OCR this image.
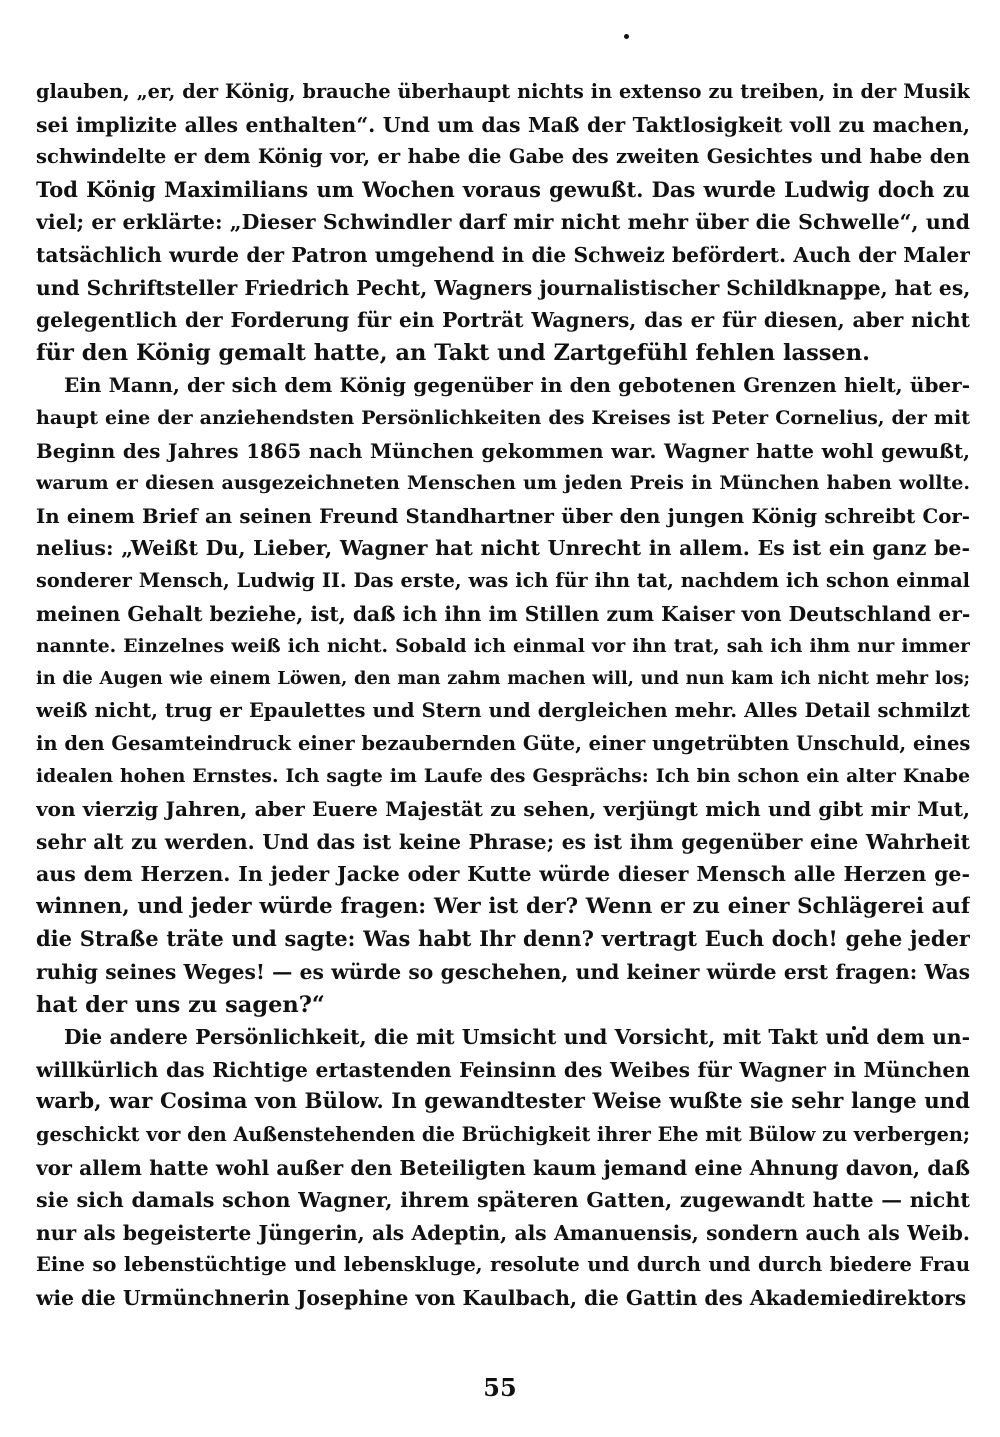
glauben, „er, der König, brauche überhaupt nichts in extenso zu treiben, in der Musik
sei implizite alles enthalten“. Und um das Maß der Taktlosigkeit voll zu machen,
schwindelte er dem König vor, er habe die Gabe des zweiten Gesichtes und habe den
Tod König Maximilians um Wochen voraus gewußt. Das wurde Ludwig doch zu
viel; er erklärte: „Dieser Schwindler darf mir nicht mehr über die Schwelle“, und
tatsächlich wurde der Patron umgehend in die Schweiz befördert. Auch der Maler
und Schriftsteller Friedrich Pecht, Wagners journalistischer Schildknappe, hat es,
gelegentlich der Forderung für ein Porträt Wagners, das er für diesen, aber nicht
für den König gemalt hatte, an Takt und Zartgefühl fehlen lassen.
Ein Mann, der sich dem König gegenüber in den gebotenen Grenzen hielt, über-
haupt eine der anziehendsten Persönlichkeiten des Kreises ist Peter Cornelius, der mit
Beginn des Jahres 1865 nach München gekommen war. Wagner hatte wohl gewußt,
warum er diesen ausgezeichneten Menschen um jeden Preis in München haben wollte.
In einem Brief an seinen Freund Standhartner über den jungen König schreibt Cor-
nelius: „Weißt Du, Lieber, Wagner hat nicht Unrecht in allem. Es ist ein ganz be-
sonderer Mensch, Ludwig II. Das erste, was ich für ihn tat, nachdem ich schon einmal
meinen Gehalt beziehe, ist, daß ich ihn im Stillen zum Kaiser von Deutschland er-
nannte. Einzelnes weiß ich nicht. Sobald ich einmal vor ihn trat, sah ich ihm nur immer
in die Augen wie einem Löwen, den man zahm machen will, und nun kam ich nicht mehr los;
weiß nicht, trug er Epaulettes und Stern und dergleichen mehr. Alles Detail schmilzt
in den Gesamteindruck einer bezaubernden Güte, einer ungetrübten Unschuld, eines
idealen hohen Ernstes. Ich sagte im Laufe des Gesprächs: Ich bin schon ein alter Knabe
von vierzig Jahren, aber Euere Majestät zu sehen, verjüngt mich und gibt mir Mut,
sehr alt zu werden. Und das ist keine Phrase; es ist ihm gegenüber eine Wahrheit
aus dem Herzen. In jeder Jacke oder Kutte würde dieser Mensch alle Herzen ge-
winnen, und jeder würde fragen: Wer ist der? Wenn er zu einer Schlägerei auf
die Straße träte und sagte: Was habt Ihr denn? vertragt Euch doch! gehe jeder
ruhig seines Weges! — es würde so geschehen, und keiner würde erst fragen: Was
hat der uns zu sagen?“
Die andere Persönlichkeit, die mit Umsicht und Vorsicht, mit Takt und dem un-
willkürlich das Richtige ertastenden Feinsinn des Weibes für Wagner in München
warb, war Cosima von Bülow. In gewandtester Weise wußte sie sehr lange und
geschickt vor den Außenstehenden die Brüchigkeit ihrer Ehe mit Bülow zu verbergen;
vor allem hatte wohl außer den Beteiligten kaum jemand eine Ahnung davon, daß
sie sich damals schon Wagner, ihrem späteren Gatten, zugewandt hatte — nicht
nur als begeisterte Jüngerin, als Adeptin, als Amanuensis, sondern auch als Weib.
Eine so lebenstüchtige und lebenskluge, resolute und durch und durch biedere Frau
wie die Urmünchnerin Josephine von Kaulbach, die Gattin des Akademiedirektors
55
